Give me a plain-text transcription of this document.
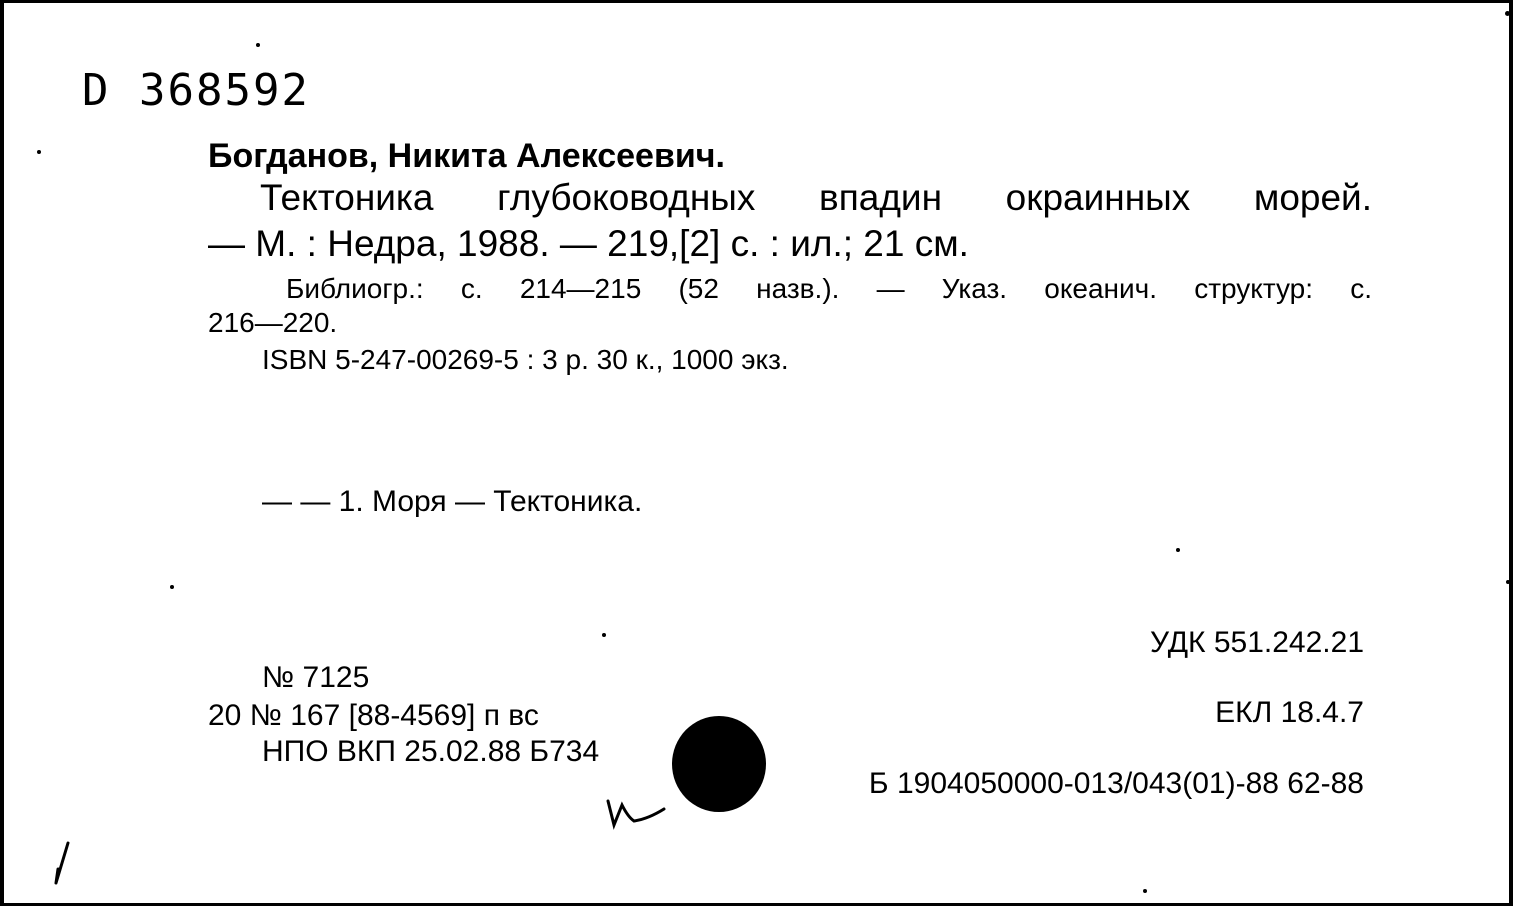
D 368592
Богданов, Никита Алексеевич.
Тектоника глубоководных впадин окраинных морей.
— М. : Недра, 1988. — 219,[2] с. : ил.; 21 см.
Библиогр.: с. 214—215 (52 назв.). — Указ. океанич. структур: с.
216—220.
ISBN 5-247-00269-5 : 3 р. 30 к., 1000 экз.
— — 1. Моря — Тектоника.
УДК 551.242.21
ЕКЛ 18.4.7
Б 1904050000-013/043(01)-88 62-88
№ 7125
20 № 167 [88-4569] п вс
НПО ВКП 25.02.88 Б734
